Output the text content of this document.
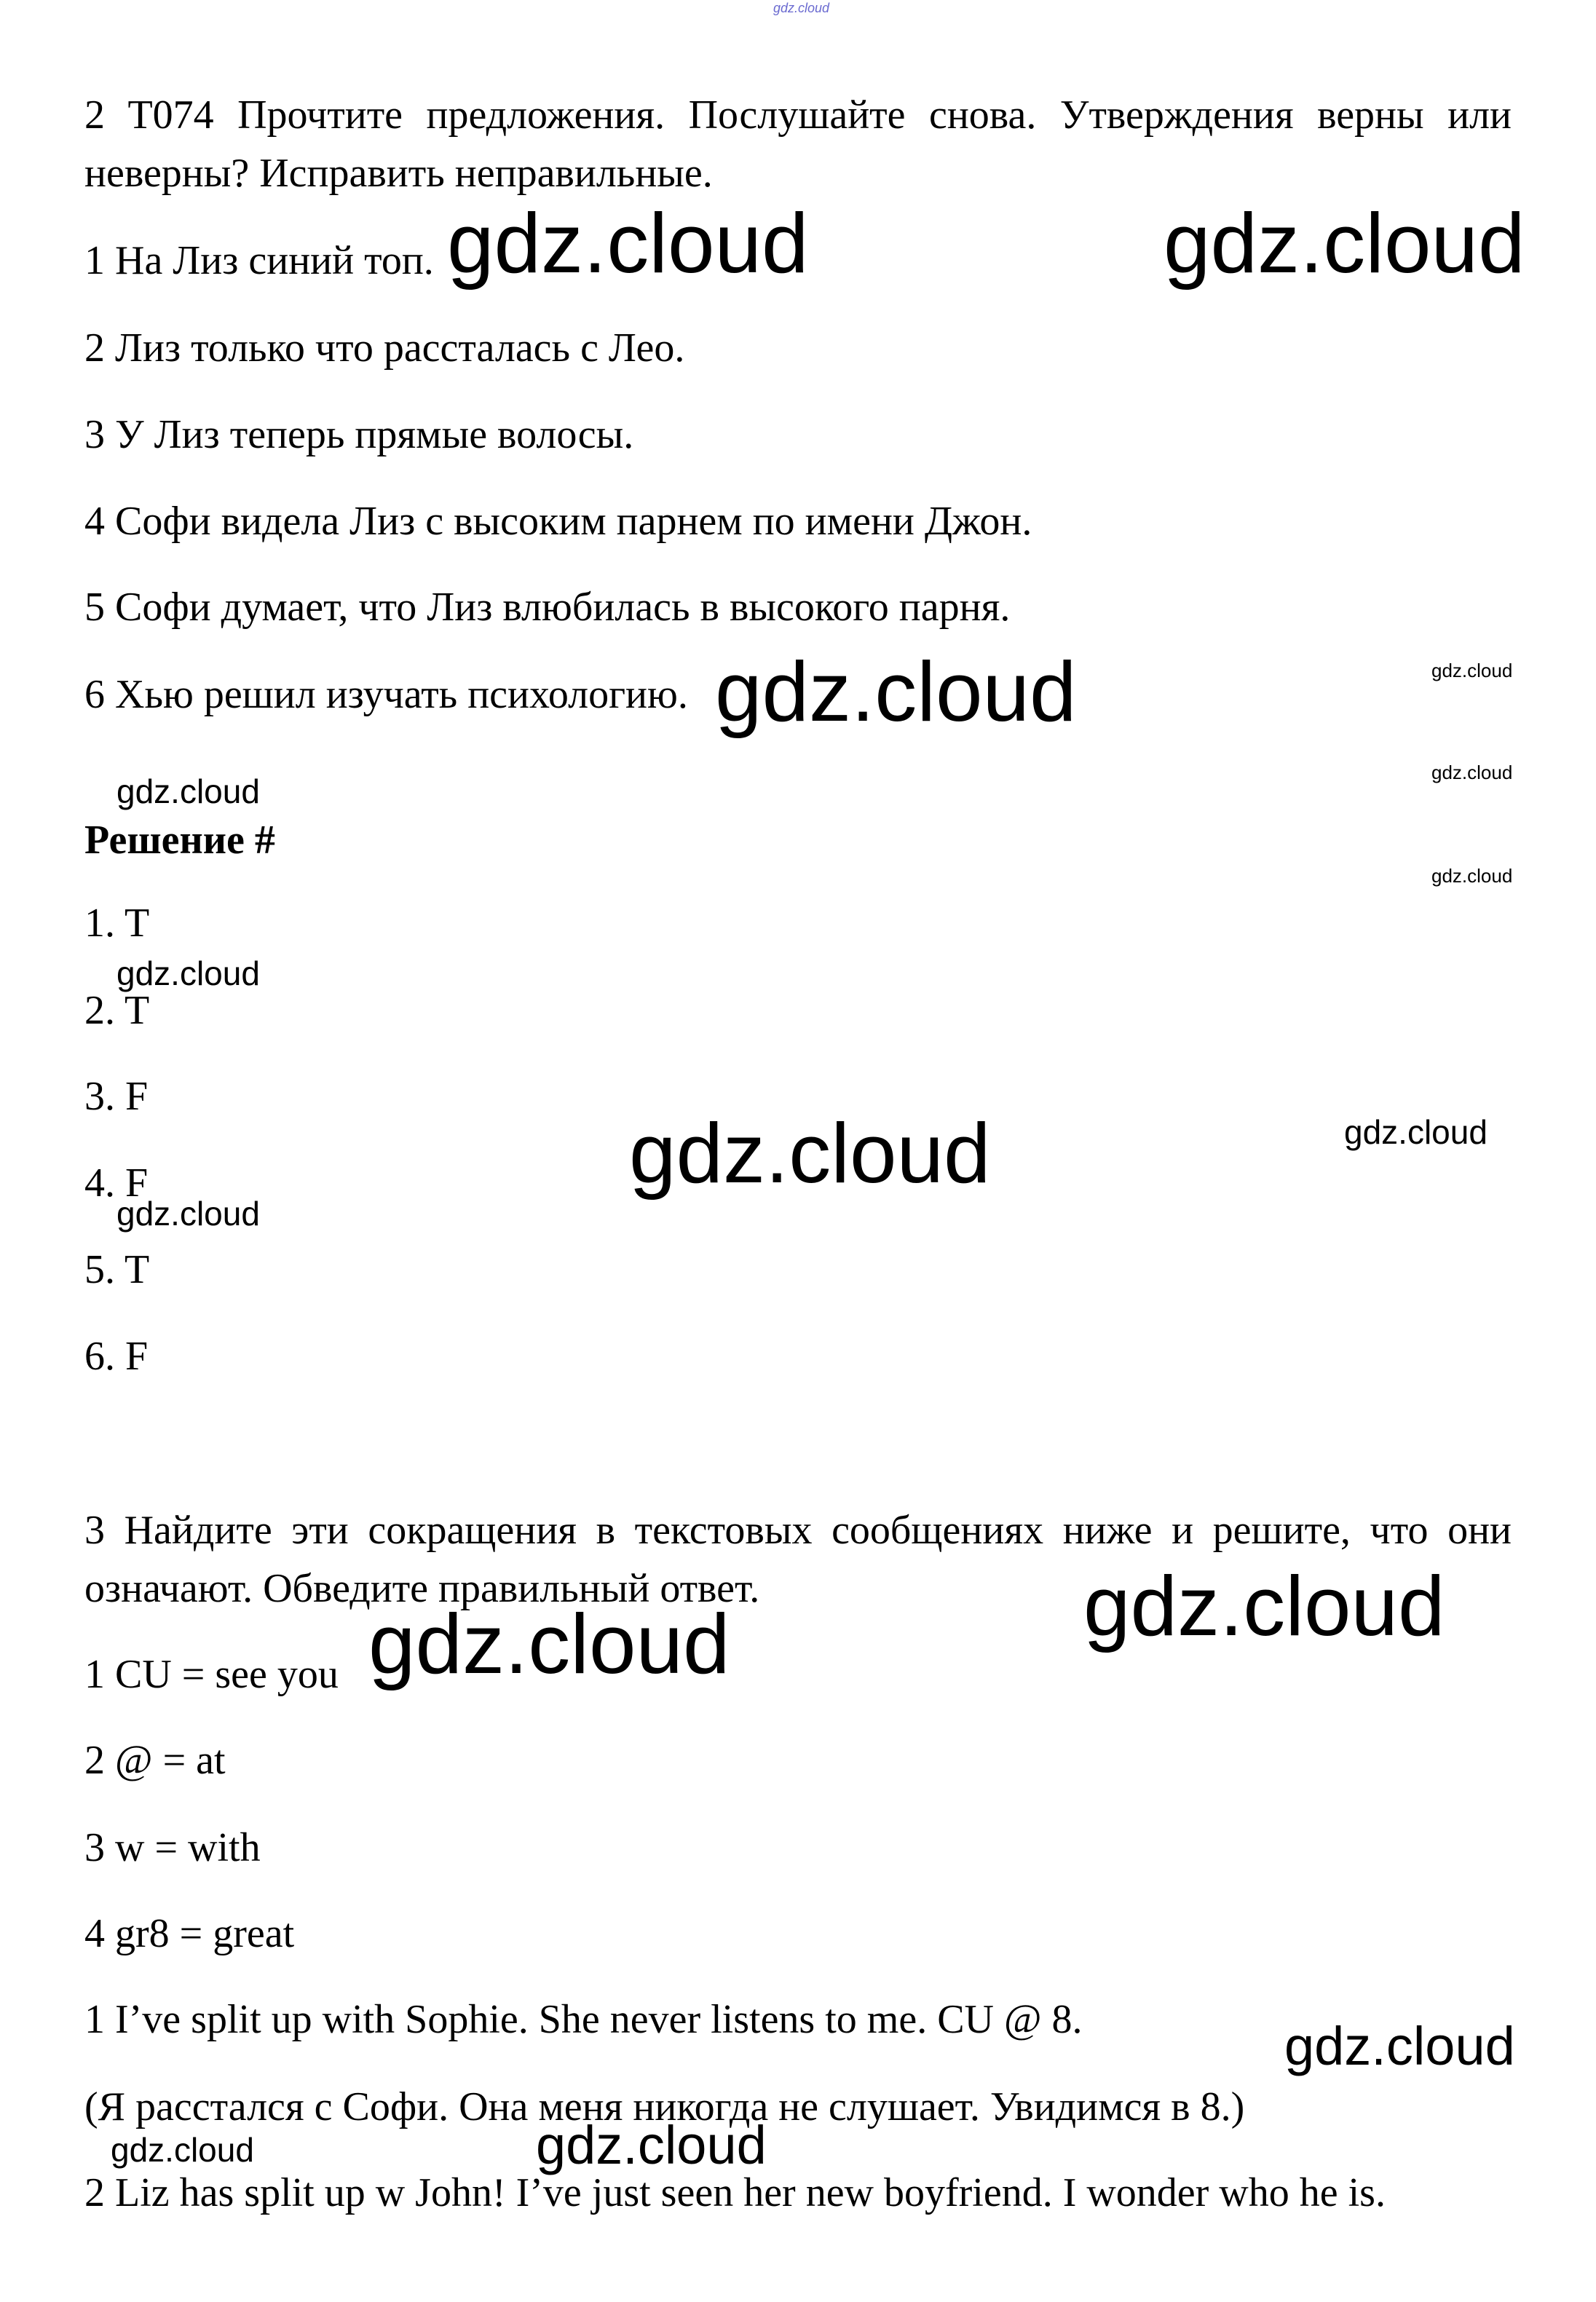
gdz.cloud

2 T074 Прочтите предложения. Послушайте снова. Утверждения верны или неверны? Исправить неправильные.

1 На Лиз синий топ.

2 Лиз только что рассталась с Лео.

3 У Лиз теперь прямые волосы.

4 Софи видела Лиз с высоким парнем по имени Джон.

5 Софи думает, что Лиз влюбилась в высокого парня.

6 Хью решил изучать психологию.

Решение #

1. T

2. T

3. F

4. F

5. T

6. F

3 Найдите эти сокращения в текстовых сообщениях ниже и решите, что они означают. Обведите правильный ответ.

1 CU = see you

2 @ = at

3 w = with

4 gr8 = great

1 I’ve split up with Sophie. She never listens to me. CU @ 8.

(Я расстался с Софи. Она меня никогда не слушает. Увидимся в 8.)

2 Liz has split up w John! I’ve just seen her new boyfriend. I wonder who he is.

gdz.cloud	gdz.cloud
gdz.cloud	gdz.cloud
gdz.cloud
gdz.cloud
gdz.cloud
gdz.cloud
gdz.cloud	gdz.cloud
gdz.cloud
gdz.cloud
gdz.cloud
gdz.cloud
gdz.cloud	gdz.cloud
